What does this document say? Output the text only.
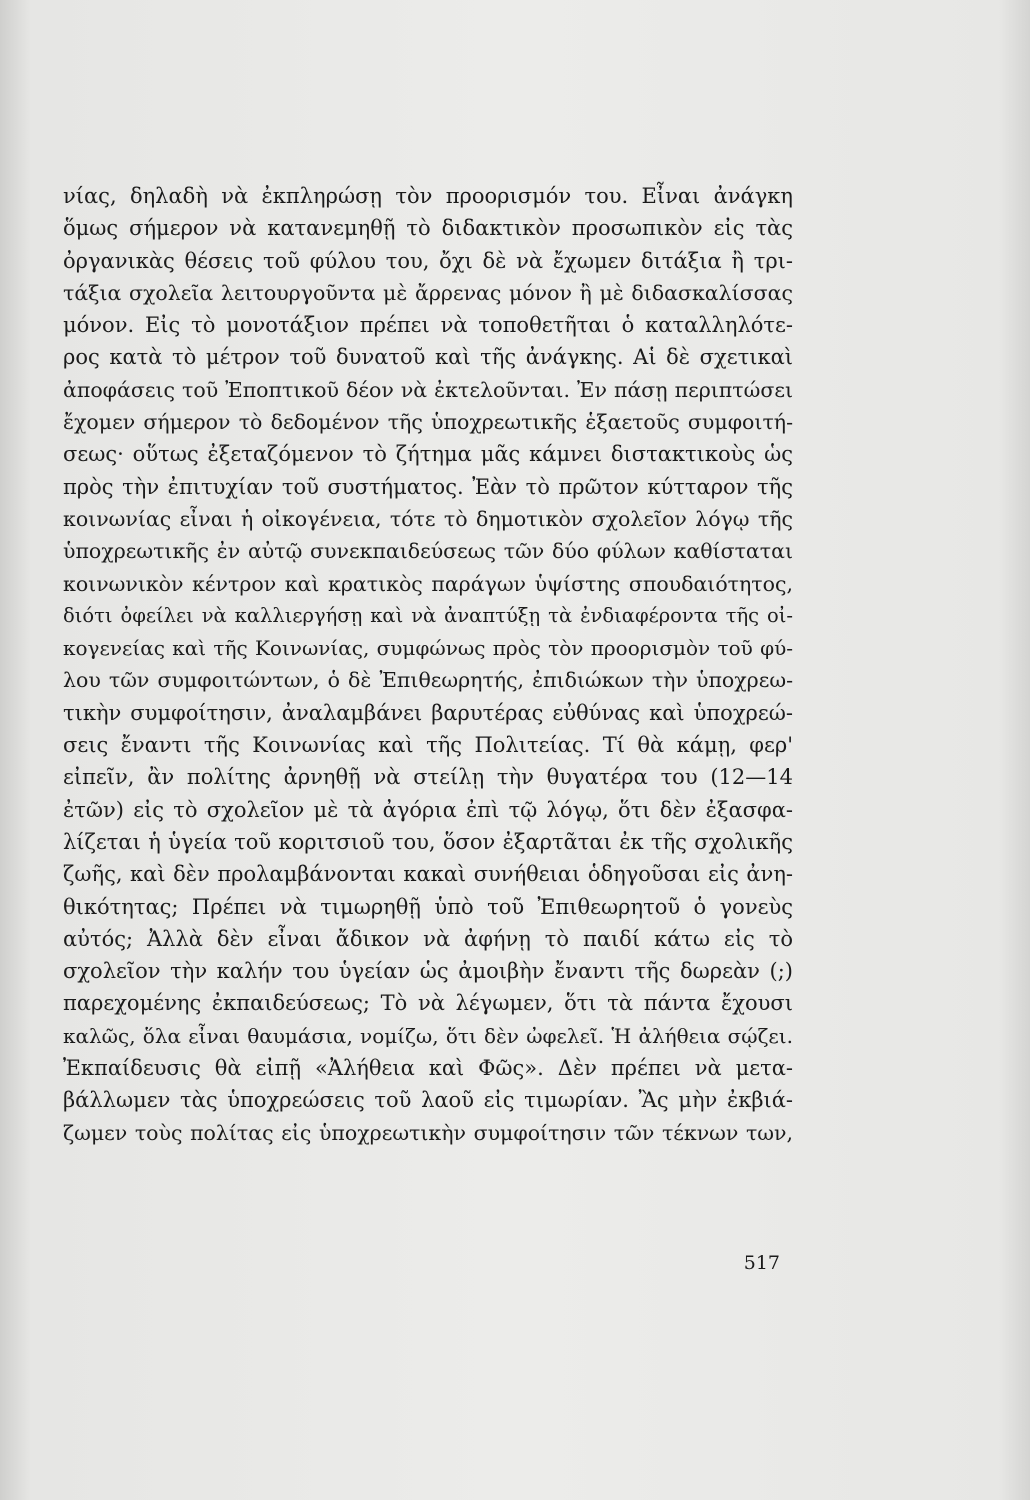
νίας, δηλαδὴ νὰ ἐκπληρώσῃ τὸν προορισμόν του. Εἶναι ἀνάγκη
ὅμως σήμερον νὰ κατανεμηθῇ τὸ διδακτικὸν προσωπικὸν εἰς τὰς
ὀργανικὰς θέσεις τοῦ φύλου του, ὄχι δὲ νὰ ἔχωμεν διτάξια ἢ τρι-
τάξια σχολεῖα λειτουργοῦντα μὲ ἄρρενας μόνον ἢ μὲ διδασκαλίσσας
μόνον. Εἰς τὸ μονοτάξιον πρέπει νὰ τοποθετῆται ὁ καταλληλότε-
ρος κατὰ τὸ μέτρον τοῦ δυνατοῦ καὶ τῆς ἀνάγκης. Αἱ δὲ σχετικαὶ
ἀποφάσεις τοῦ Ἐποπτικοῦ δέον νὰ ἐκτελοῦνται. Ἐν πάσῃ περιπτώσει
ἔχομεν σήμερον τὸ δεδομένον τῆς ὑποχρεωτικῆς ἑξαετοῦς συμφοιτή-
σεως· οὕτως ἐξεταζόμενον τὸ ζήτημα μᾶς κάμνει διστακτικοὺς ὡς
πρὸς τὴν ἐπιτυχίαν τοῦ συστήματος. Ἐὰν τὸ πρῶτον κύτταρον τῆς
κοινωνίας εἶναι ἡ οἰκογένεια, τότε τὸ δημοτικὸν σχολεῖον λόγῳ τῆς
ὑποχρεωτικῆς ἐν αὐτῷ συνεκπαιδεύσεως τῶν δύο φύλων καθίσταται
κοινωνικὸν κέντρον καὶ κρατικὸς παράγων ὑψίστης σπουδαιότητος,
διότι ὀφείλει νὰ καλλιεργήσῃ καὶ νὰ ἀναπτύξῃ τὰ ἐνδιαφέροντα τῆς οἰ-
κογενείας καὶ τῆς Κοινωνίας, συμφώνως πρὸς τὸν προορισμὸν τοῦ φύ-
λου τῶν συμφοιτώντων, ὁ δὲ Ἐπιθεωρητής, ἐπιδιώκων τὴν ὑποχρεω-
τικὴν συμφοίτησιν, ἀναλαμβάνει βαρυτέρας εὐθύνας καὶ ὑποχρεώ-
σεις ἔναντι τῆς Κοινωνίας καὶ τῆς Πολιτείας. Τί θὰ κάμῃ, φερ'
εἰπεῖν, ἂν πολίτης ἀρνηθῇ νὰ στείλῃ τὴν θυγατέρα του (12—14
ἐτῶν) εἰς τὸ σχολεῖον μὲ τὰ ἀγόρια ἐπὶ τῷ λόγῳ, ὅτι δὲν ἐξασφα-
λίζεται ἡ ὑγεία τοῦ κοριτσιοῦ του, ὅσον ἐξαρτᾶται ἐκ τῆς σχολικῆς
ζωῆς, καὶ δὲν προλαμβάνονται κακαὶ συνήθειαι ὁδηγοῦσαι εἰς ἀνη-
θικότητας; Πρέπει νὰ τιμωρηθῇ ὑπὸ τοῦ Ἐπιθεωρητοῦ ὁ γονεὺς
αὐτός; Ἀλλὰ δὲν εἶναι ἄδικον νὰ ἀφήνῃ τὸ παιδί κάτω εἰς τὸ
σχολεῖον τὴν καλήν του ὑγείαν ὡς ἀμοιβὴν ἔναντι τῆς δωρεὰν (;)
παρεχομένης ἐκπαιδεύσεως; Τὸ νὰ λέγωμεν, ὅτι τὰ πάντα ἔχουσι
καλῶς, ὅλα εἶναι θαυμάσια, νομίζω, ὅτι δὲν ὠφελεῖ. Ἡ ἀλήθεια σῴζει.
Ἐκπαίδευσις θὰ εἰπῇ «Ἀλήθεια καὶ Φῶς». Δὲν πρέπει νὰ μετα-
βάλλωμεν τὰς ὑποχρεώσεις τοῦ λαοῦ εἰς τιμωρίαν. Ἂς μὴν ἐκβιά-
ζωμεν τοὺς πολίτας εἰς ὑποχρεωτικὴν συμφοίτησιν τῶν τέκνων των,
517
